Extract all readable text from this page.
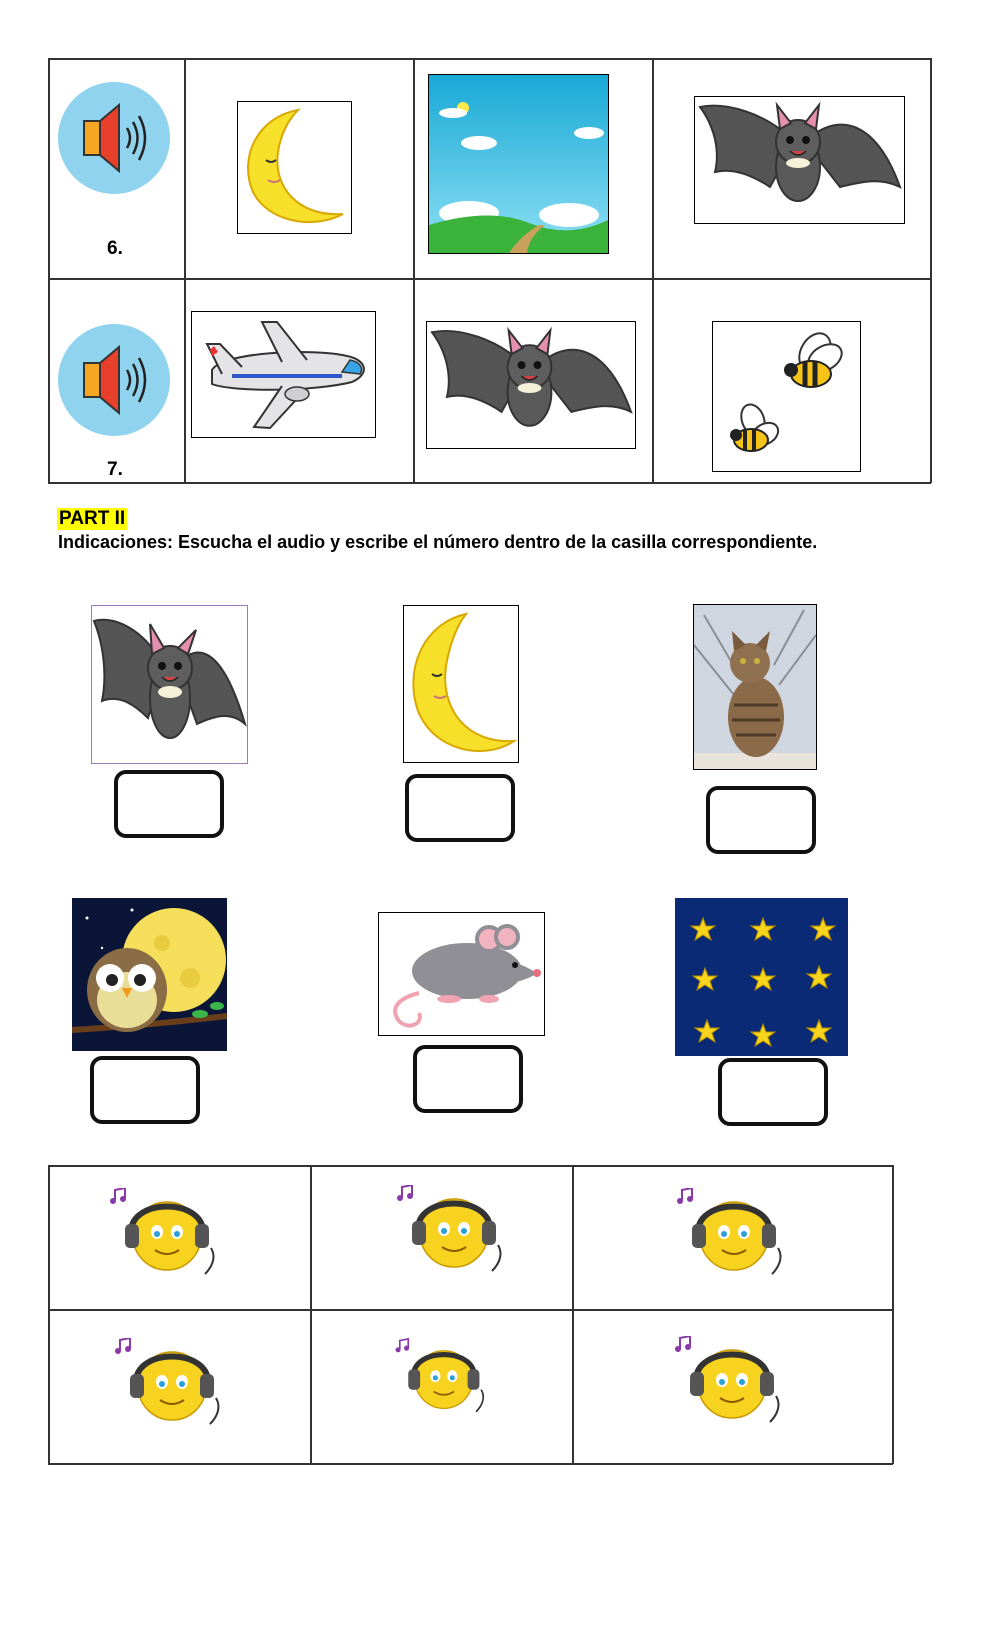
6.
7.
PART II
Indicaciones: Escucha el audio y escribe el número dentro de la casilla correspondiente.
